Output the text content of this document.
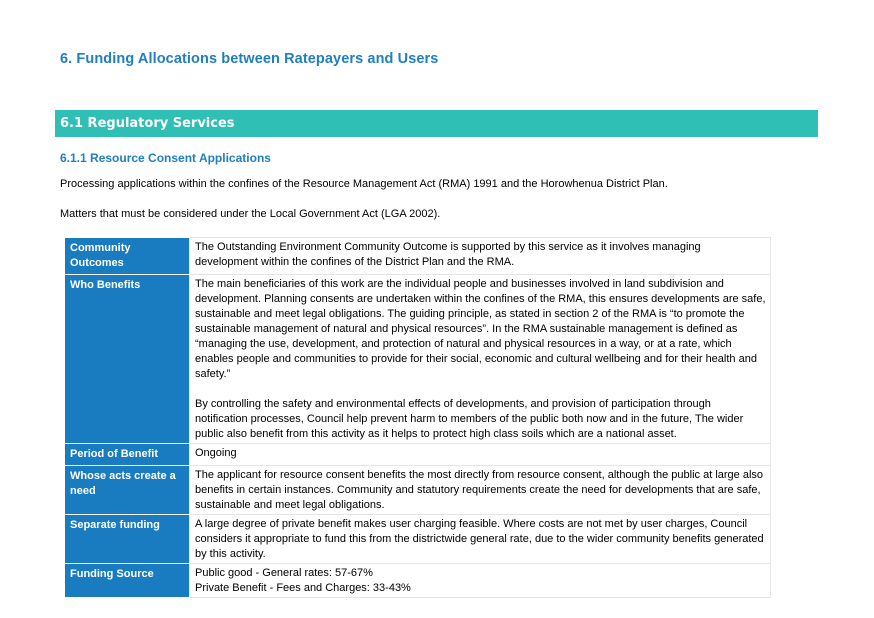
6. Funding Allocations between Ratepayers and Users
6.1 Regulatory Services
6.1.1 Resource Consent Applications
Processing applications within the confines of the Resource Management Act (RMA) 1991 and the Horowhenua District Plan.
Matters that must be considered under the Local Government Act (LGA 2002).
Community Outcomes	The Outstanding Environment Community Outcome is supported by this service as it involves managing development within the confines of the District Plan and the RMA.

Who Benefits	The main beneficiaries of this work are the individual people and businesses involved in land subdivision and development. Planning consents are undertaken within the confines of the RMA, this ensures developments are safe, sustainable and meet legal obligations. The guiding principle, as stated in section 2 of the RMA is “to promote the sustainable management of natural and physical resources”. In the RMA sustainable management is defined as “managing the use, development, and protection of natural and physical resources in a way, or at a rate, which enables people and communities to provide for their social, economic and cultural wellbeing and for their health and safety.”

By controlling the safety and environmental effects of developments, and provision of participation through notification processes, Council help prevent harm to members of the public both now and in the future, The wider public also benefit from this activity as it helps to protect high class soils which are a national asset.

Period of Benefit	Ongoing

Whose acts create a need	The applicant for resource consent benefits the most directly from resource consent, although the public at large also benefits in certain instances. Community and statutory requirements create the need for developments that are safe, sustainable and meet legal obligations.

Separate funding	A large degree of private benefit makes user charging feasible. Where costs are not met by user charges, Council considers it appropriate to fund this from the districtwide general rate, due to the wider community benefits generated by this activity.

Funding Source	Public good - General rates: 57-67%

Private Benefit - Fees and Charges: 33-43%
